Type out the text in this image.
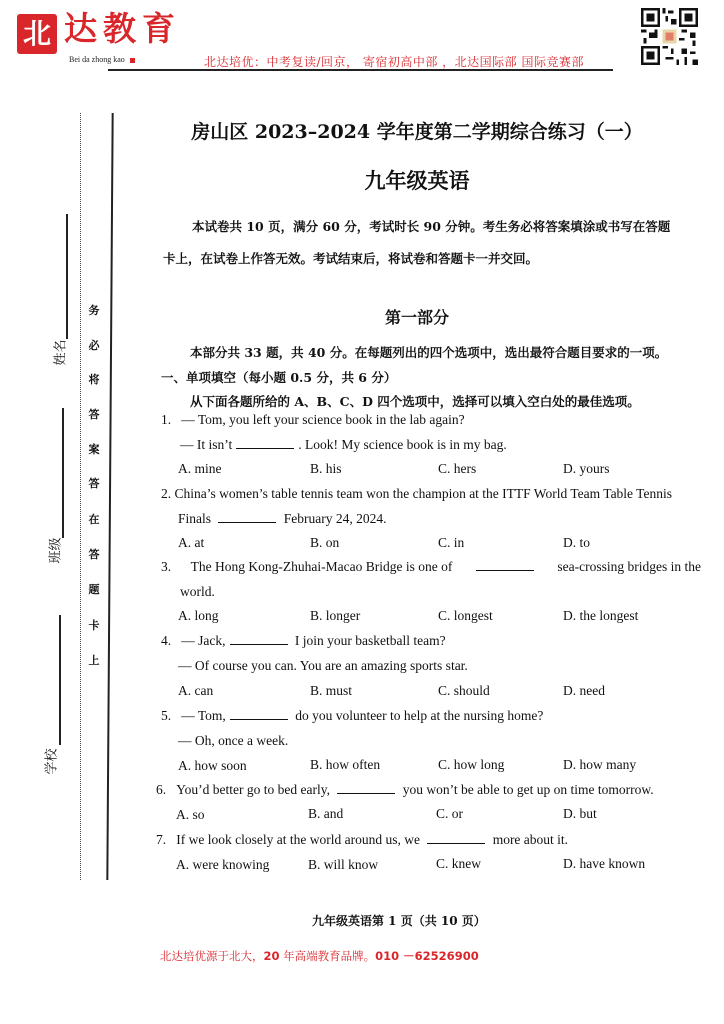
北 达教育
Bei da zhong kao	北达培优：中考复读/回京， 寄宿初高中部 ，北达国际部 国际竞赛部
务
必
将
答
案
答
在
答
题
卡
上
姓名
班级
学校
房山区 2023–2024 学年度第二学期综合练习（一）
九年级英语
本试卷共 10 页，满分 60 分，考试时长 90 分钟。考生务必将答案填涂或书写在答题
卡上，在试卷上作答无效。考试结束后，将试卷和答题卡一并交回。
第一部分
本部分共 33 题，共 40 分。在每题列出的四个选项中，选出最符合题目要求的一项。
一、单项填空（每小题 0.5 分，共 6 分）
从下面各题所给的 A、B、C、D 四个选项中，选择可以填入空白处的最佳选项。
1. — Tom, you left your science book in the lab again?
— It isn’t	. Look! My science book is in my bag.
A. mine	B. his	C. hers	D. yours
2. China’s women’s table tennis team won the champion at the ITTF World Team Table Tennis
Finals	February 24, 2024.
A. at	B. on	C. in	D. to
3. The Hong Kong-Zhuhai-Macao Bridge is one of	sea-crossing bridges in the
world.
A. long	B. longer	C. longest	D. the longest
4. — Jack,	I join your basketball team?
— Of course you can. You are an amazing sports star.
A. can	B. must	C. should	D. need
5. — Tom,	do you volunteer to help at the nursing home?
— Oh, once a week.
A. how soon	B. how often	C. how long	D. how many
6. You’d better go to bed early,	you won’t be able to get up on time tomorrow.
A. so	B. and	C. or	D. but
7. If we look closely at the world around us, we	more about it.
A. were knowing	B. will know	C. knew	D. have known
九年级英语第 1 页（共 10 页）
北达培优源于北大，20 年高端教育品牌。010 －62526900
